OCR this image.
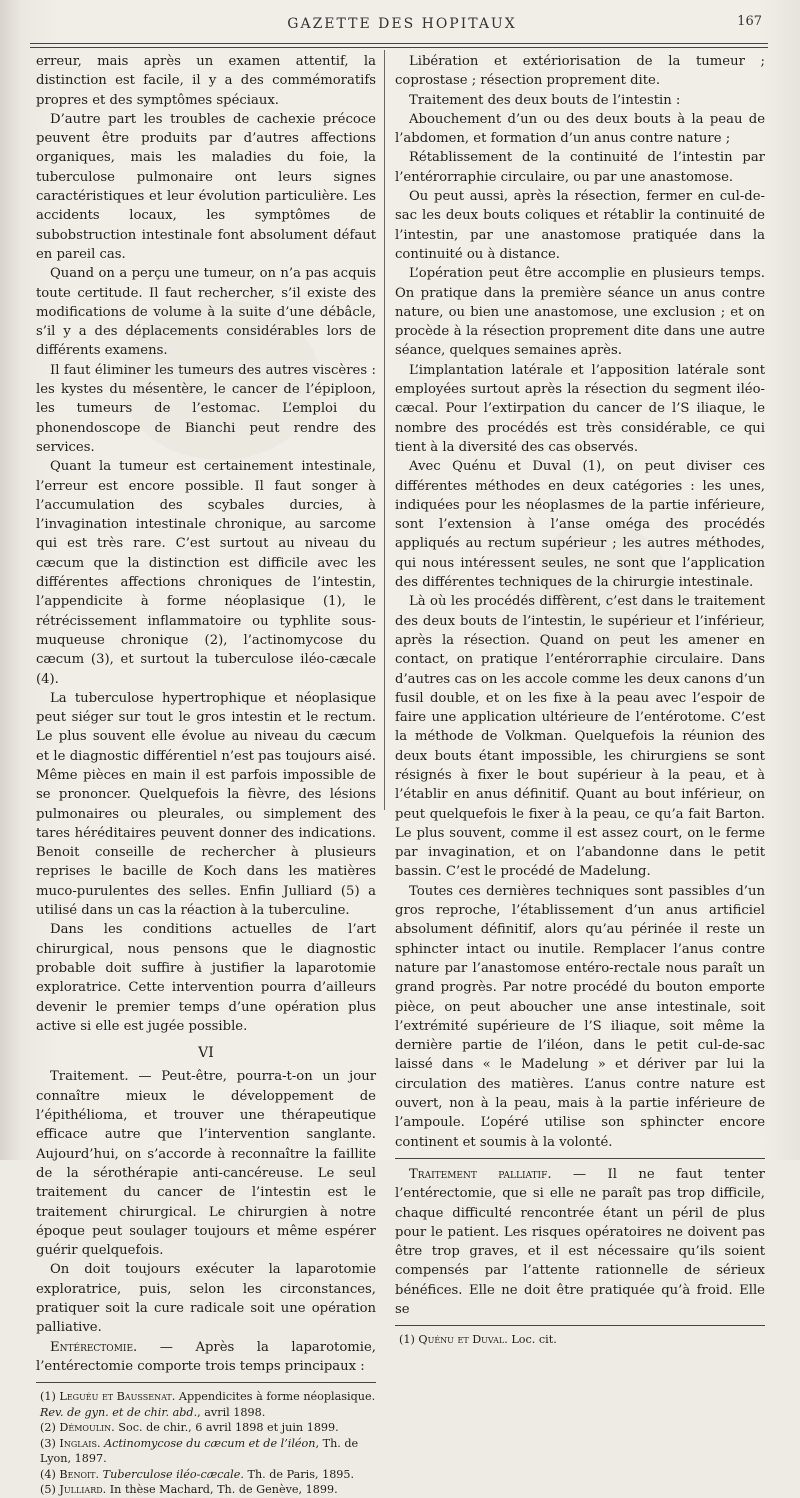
GAZETTE DES HOPITAUX	167

erreur, mais après un examen attentif, la distinction est facile, il y a des commémoratifs propres et des symptômes spéciaux.

D’autre part les troubles de cachexie précoce peuvent être produits par d’autres affections organiques, mais les maladies du foie, la tuberculose pulmonaire ont leurs signes caractéristiques et leur évolution particulière. Les accidents locaux, les symptômes de subobstruction intestinale font absolument défaut en pareil cas.

Quand on a perçu une tumeur, on n’a pas acquis toute certitude. Il faut rechercher, s’il existe des modifications de volume à la suite d’une débâcle, s’il y a des déplacements considérables lors de différents examens.

Il faut éliminer les tumeurs des autres viscères : les kystes du mésentère, le cancer de l’épiploon, les tumeurs de l’estomac. L’emploi du phonendoscope de Bianchi peut rendre des services.

Quant la tumeur est certainement intestinale, l’erreur est encore possible. Il faut songer à l’accumulation des scybales durcies, à l’invagination intestinale chronique, au sarcome qui est très rare. C’est surtout au niveau du cæcum que la distinction est difficile avec les différentes affections chroniques de l’intestin, l’appendicite à forme néoplasique (1), le rétrécissement inflammatoire ou typhlite sous-muqueuse chronique (2), l’actinomycose du cæcum (3), et surtout la tuberculose iléo-cæcale (4).

La tuberculose hypertrophique et néoplasique peut siéger sur tout le gros intestin et le rectum. Le plus souvent elle évolue au niveau du cæcum et le diagnostic différentiel n’est pas toujours aisé. Même pièces en main il est parfois impossible de se prononcer. Quelquefois la fièvre, des lésions pulmonaires ou pleurales, ou simplement des tares héréditaires peuvent donner des indications. Benoit conseille de rechercher à plusieurs reprises le bacille de Koch dans les matières muco-purulentes des selles. Enfin Julliard (5) a utilisé dans un cas la réaction à la tuberculine.

Dans les conditions actuelles de l’art chirurgical, nous pensons que le diagnostic probable doit suffire à justifier la laparotomie exploratrice. Cette intervention pourra d’ailleurs devenir le premier temps d’une opération plus active si elle est jugée possible.

VI

Traitement. — Peut-être, pourra-t-on un jour connaître mieux le développement de l’épithélioma, et trouver une thérapeutique efficace autre que l’intervention sanglante. Aujourd’hui, on s’accorde à reconnaître la faillite de la sérothérapie anti-cancéreuse. Le seul traitement du cancer de l’intestin est le traitement chirurgical. Le chirurgien à notre époque peut soulager toujours et même espérer guérir quelquefois.

On doit toujours exécuter la laparotomie exploratrice, puis, selon les circonstances, pratiquer soit la cure radicale soit une opération palliative.

Entérectomie. — Après la laparotomie, l’entérectomie comporte trois temps principaux :

(1) Leguéu et Baussenat. Appendicites à forme néoplasique. Rev. de gyn. et de chir. abd., avril 1898.
(2) Démoulin. Soc. de chir., 6 avril 1898 et juin 1899.
(3) Inglais. Actinomycose du cæcum et de l’iléon, Th. de Lyon, 1897.
(4) Benoit. Tuberculose iléo-cæcale. Th. de Paris, 1895.
(5) Julliard. In thèse Machard, Th. de Genève, 1899.

Libération et extériorisation de la tumeur ; coprostase ; résection proprement dite.

Traitement des deux bouts de l’intestin :

Abouchement d’un ou des deux bouts à la peau de l’abdomen, et formation d’un anus contre nature ;

Rétablissement de la continuité de l’intestin par l’entérorraphie circulaire, ou par une anastomose.

Ou peut aussi, après la résection, fermer en cul-de-sac les deux bouts coliques et rétablir la continuité de l’intestin, par une anastomose pratiquée dans la continuité ou à distance.

L’opération peut être accomplie en plusieurs temps. On pratique dans la première séance un anus contre nature, ou bien une anastomose, une exclusion ; et on procède à la résection proprement dite dans une autre séance, quelques semaines après.

L’implantation latérale et l’apposition latérale sont employées surtout après la résection du segment iléo-cæcal. Pour l’extirpation du cancer de l’S iliaque, le nombre des procédés est très considérable, ce qui tient à la diversité des cas observés.

Avec Quénu et Duval (1), on peut diviser ces différentes méthodes en deux catégories : les unes, indiquées pour les néoplasmes de la partie inférieure, sont l’extension à l’anse oméga des procédés appliqués au rectum supérieur ; les autres méthodes, qui nous intéressent seules, ne sont que l’application des différentes techniques de la chirurgie intestinale.

Là où les procédés diffèrent, c’est dans le traitement des deux bouts de l’intestin, le supérieur et l’inférieur, après la résection. Quand on peut les amener en contact, on pratique l’entérorraphie circulaire. Dans d’autres cas on les accole comme les deux canons d’un fusil double, et on les fixe à la peau avec l’espoir de faire une application ultérieure de l’entérotome. C’est la méthode de Volkman. Quelquefois la réunion des deux bouts étant impossible, les chirurgiens se sont résignés à fixer le bout supérieur à la peau, et à l’établir en anus définitif. Quant au bout inférieur, on peut quelquefois le fixer à la peau, ce qu’a fait Barton. Le plus souvent, comme il est assez court, on le ferme par invagination, et on l’abandonne dans le petit bassin. C’est le procédé de Madelung.

Toutes ces dernières techniques sont passibles d’un gros reproche, l’établissement d’un anus artificiel absolument définitif, alors qu’au périnée il reste un sphincter intact ou inutile. Remplacer l’anus contre nature par l’anastomose entéro-rectale nous paraît un grand progrès. Par notre procédé du bouton emporte pièce, on peut aboucher une anse intestinale, soit l’extrémité supérieure de l’S iliaque, soit même la dernière partie de l’iléon, dans le petit cul-de-sac laissé dans « le Madelung » et dériver par lui la circulation des matières. L’anus contre nature est ouvert, non à la peau, mais à la partie inférieure de l’ampoule. L’opéré utilise son sphincter encore continent et soumis à la volonté.

Traitement palliatif. — Il ne faut tenter l’entérectomie, que si elle ne paraît pas trop difficile, chaque difficulté rencontrée étant un péril de plus pour le patient. Les risques opératoires ne doivent pas être trop graves, et il est nécessaire qu’ils soient compensés par l’attente rationnelle de sérieux bénéfices. Elle ne doit être pratiquée qu’à froid. Elle se

(1) Quénu et Duval. Loc. cit.
